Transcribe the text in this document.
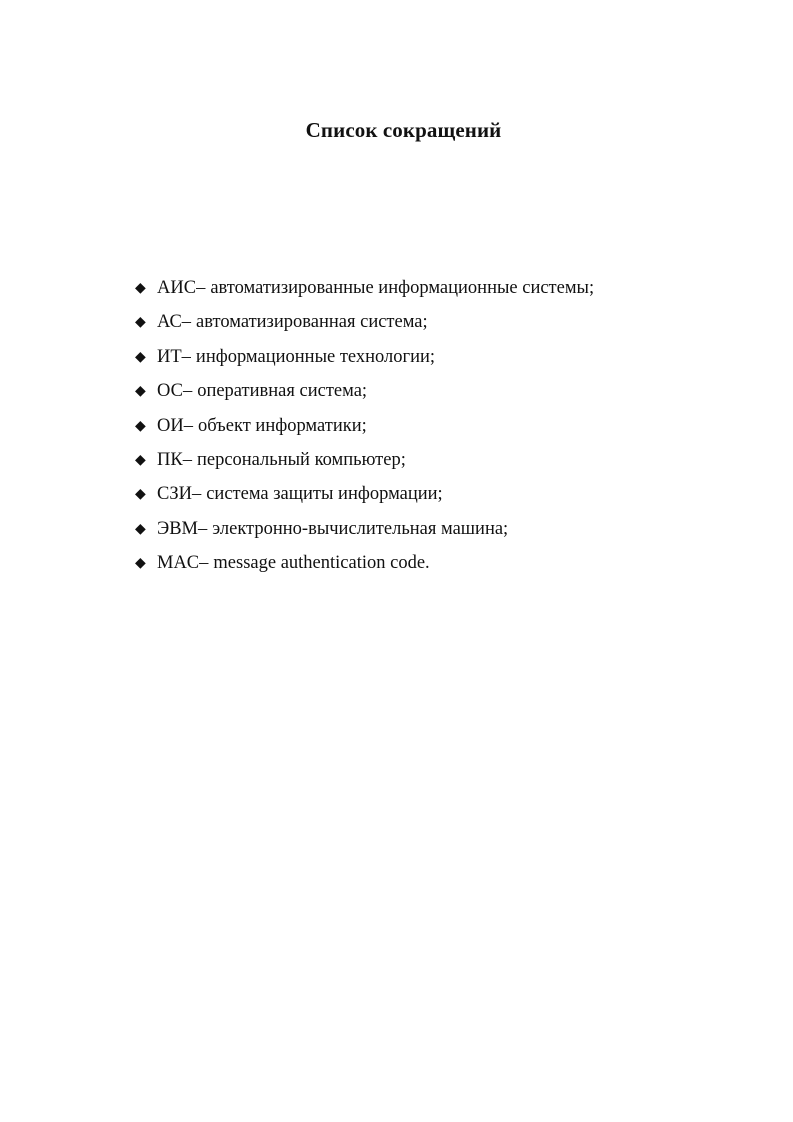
Список сокращений
◆ АИС – автоматизированные информационные системы;
◆ АС – автоматизированная система;
◆ ИТ – информационные технологии;
◆ ОС – оперативная система;
◆ ОИ – объект информатики;
◆ ПК – персональный компьютер;
◆ СЗИ – система защиты информации;
◆ ЭВМ – электронно-вычислительная машина;
◆ MAC – message authentication code.
